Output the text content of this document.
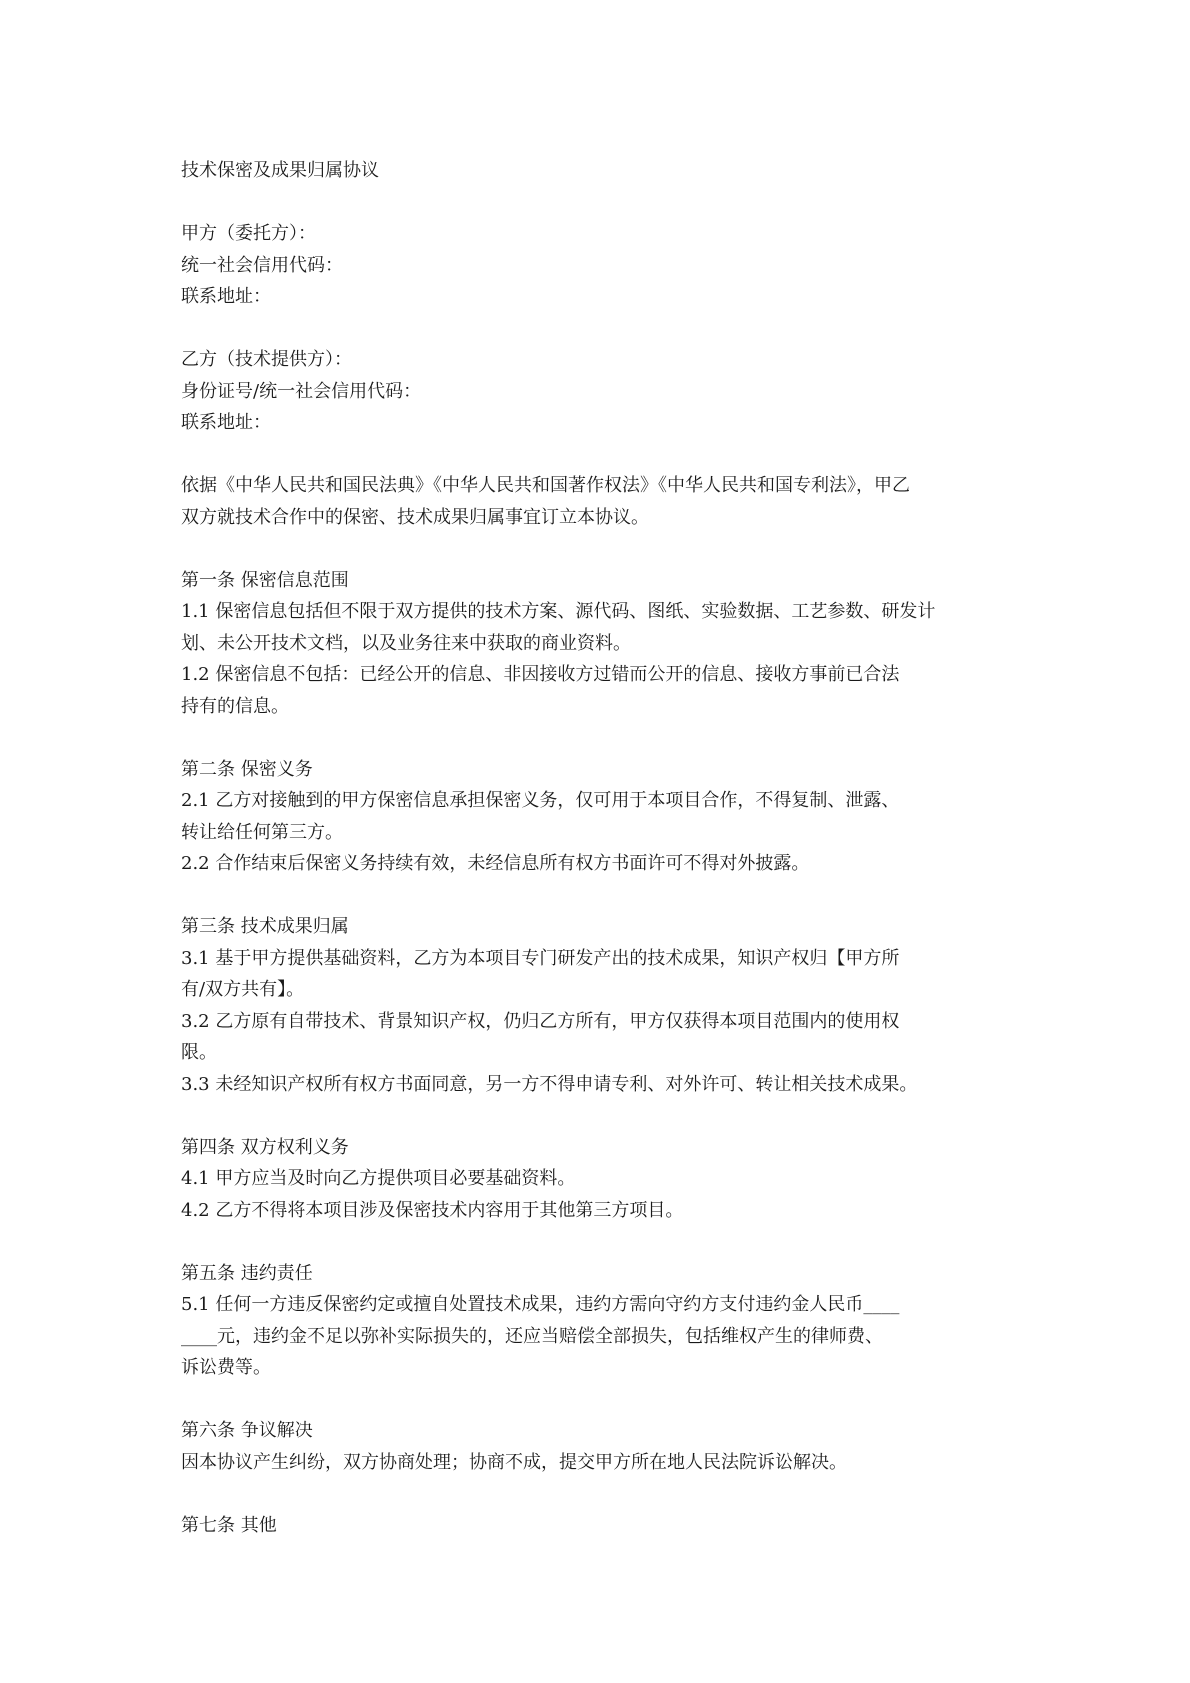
技术保密及成果归属协议
甲方（委托方）：
统一社会信用代码：
联系地址：
乙方（技术提供方）：
身份证号/统一社会信用代码：
联系地址：
依据《中华人民共和国民法典》《中华人民共和国著作权法》《中华人民共和国专利法》，甲乙
双方就技术合作中的保密、技术成果归属事宜订立本协议。
第一条 保密信息范围
1.1 保密信息包括但不限于双方提供的技术方案、源代码、图纸、实验数据、工艺参数、研发计
划、未公开技术文档，以及业务往来中获取的商业资料。
1.2 保密信息不包括：已经公开的信息、非因接收方过错而公开的信息、接收方事前已合法
持有的信息。
第二条 保密义务
2.1 乙方对接触到的甲方保密信息承担保密义务，仅可用于本项目合作，不得复制、泄露、
转让给任何第三方。
2.2 合作结束后保密义务持续有效，未经信息所有权方书面许可不得对外披露。
第三条 技术成果归属
3.1 基于甲方提供基础资料，乙方为本项目专门研发产出的技术成果，知识产权归【甲方所
有/双方共有】。
3.2 乙方原有自带技术、背景知识产权，仍归乙方所有，甲方仅获得本项目范围内的使用权
限。
3.3 未经知识产权所有权方书面同意，另一方不得申请专利、对外许可、转让相关技术成果。
第四条 双方权利义务
4.1 甲方应当及时向乙方提供项目必要基础资料。
4.2 乙方不得将本项目涉及保密技术内容用于其他第三方项目。
第五条 违约责任
5.1 任何一方违反保密约定或擅自处置技术成果，违约方需向守约方支付违约金人民币____
____元，违约金不足以弥补实际损失的，还应当赔偿全部损失，包括维权产生的律师费、
诉讼费等。
第六条 争议解决
因本协议产生纠纷，双方协商处理；协商不成，提交甲方所在地人民法院诉讼解决。
第七条 其他
